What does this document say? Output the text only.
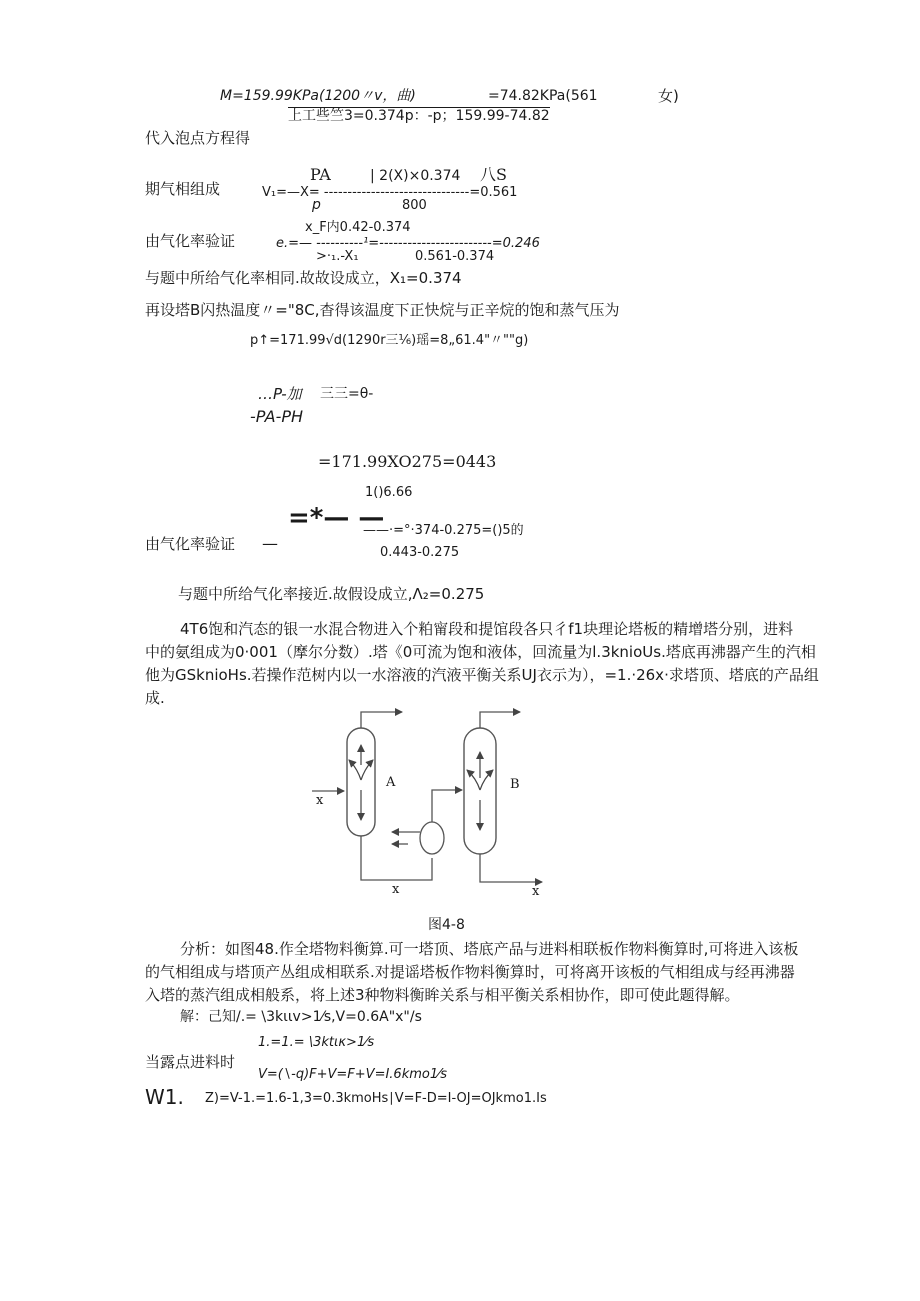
M=159.99KPa(1200〃v，曲)	=74.82KPa(561	女)
上工些竺3=0.374p：-p；159.99-74.82
代入泡点方程得
PA	| 2(X)×0.374 八S
期气相组成	V₁=—X= -------------------------------=0.561
p	800
x_F内0.42-0.374
由气化率验证	e.=— ----------¹=------------------------=0.246
>·₁.-X₁	0.561-0.374
与题中所给气化率相同.故故设成立，X₁=0.374
再设塔B闪热温度〃="8C,杳得该温度下正快烷与正辛烷的饱和蒸气压为
p↑=171.99√d(1290r三⅙)瑶=8„61.4"〃""g)
…P-加 三三=θ-
-PA-PH
=171.99XO275=0443
1()6.66
由气化率验证 —
=*— —
——·=°·374-0.275=()5的
0.443-0.275
与题中所给气化率接近.故假设成立,Λ₂=0.275
4T6饱和汽态的银一水混合物进入个粕甯段和提馆段各只彳f1块理论塔板的精增塔分别，进料
中的氨组成为0·001（摩尔分数）.塔《0可流为饱和液体，回流量为l.3knioUs.塔底再沸器产生的汽相
他为GSknioHs.若操作范树内以一水溶液的汽液平衡关系UJ衣示为），=1.·26x·求塔顶、塔底的产品组
成.
A	B
x
x	x
图4-8
分析：如图48.作全塔物料衡算.可一塔顶、塔底产品与进料相联板作物料衡算时,可将进入该板
的气相组成与塔顶产丛组成相联系.对提谣塔板作物料衡算时，可将离开该板的气相组成与经再沸器
入塔的蒸汽组成相般系，将上述3种物料衡眸关系与相平衡关系相协作，即可使此题得解。
解：己知/.= \3kιιv>1⁄s,V=0.6A"x"/s
1.=1.= \3ktικ>1⁄s
当露点进料时
V=(∖-q)F+V=F+V=I.6kmo1⁄s
W1. Z)=V-1.=1.6-1,3=0.3kmoHs∣V=F-D=I-OJ=OJkmo1.Is
